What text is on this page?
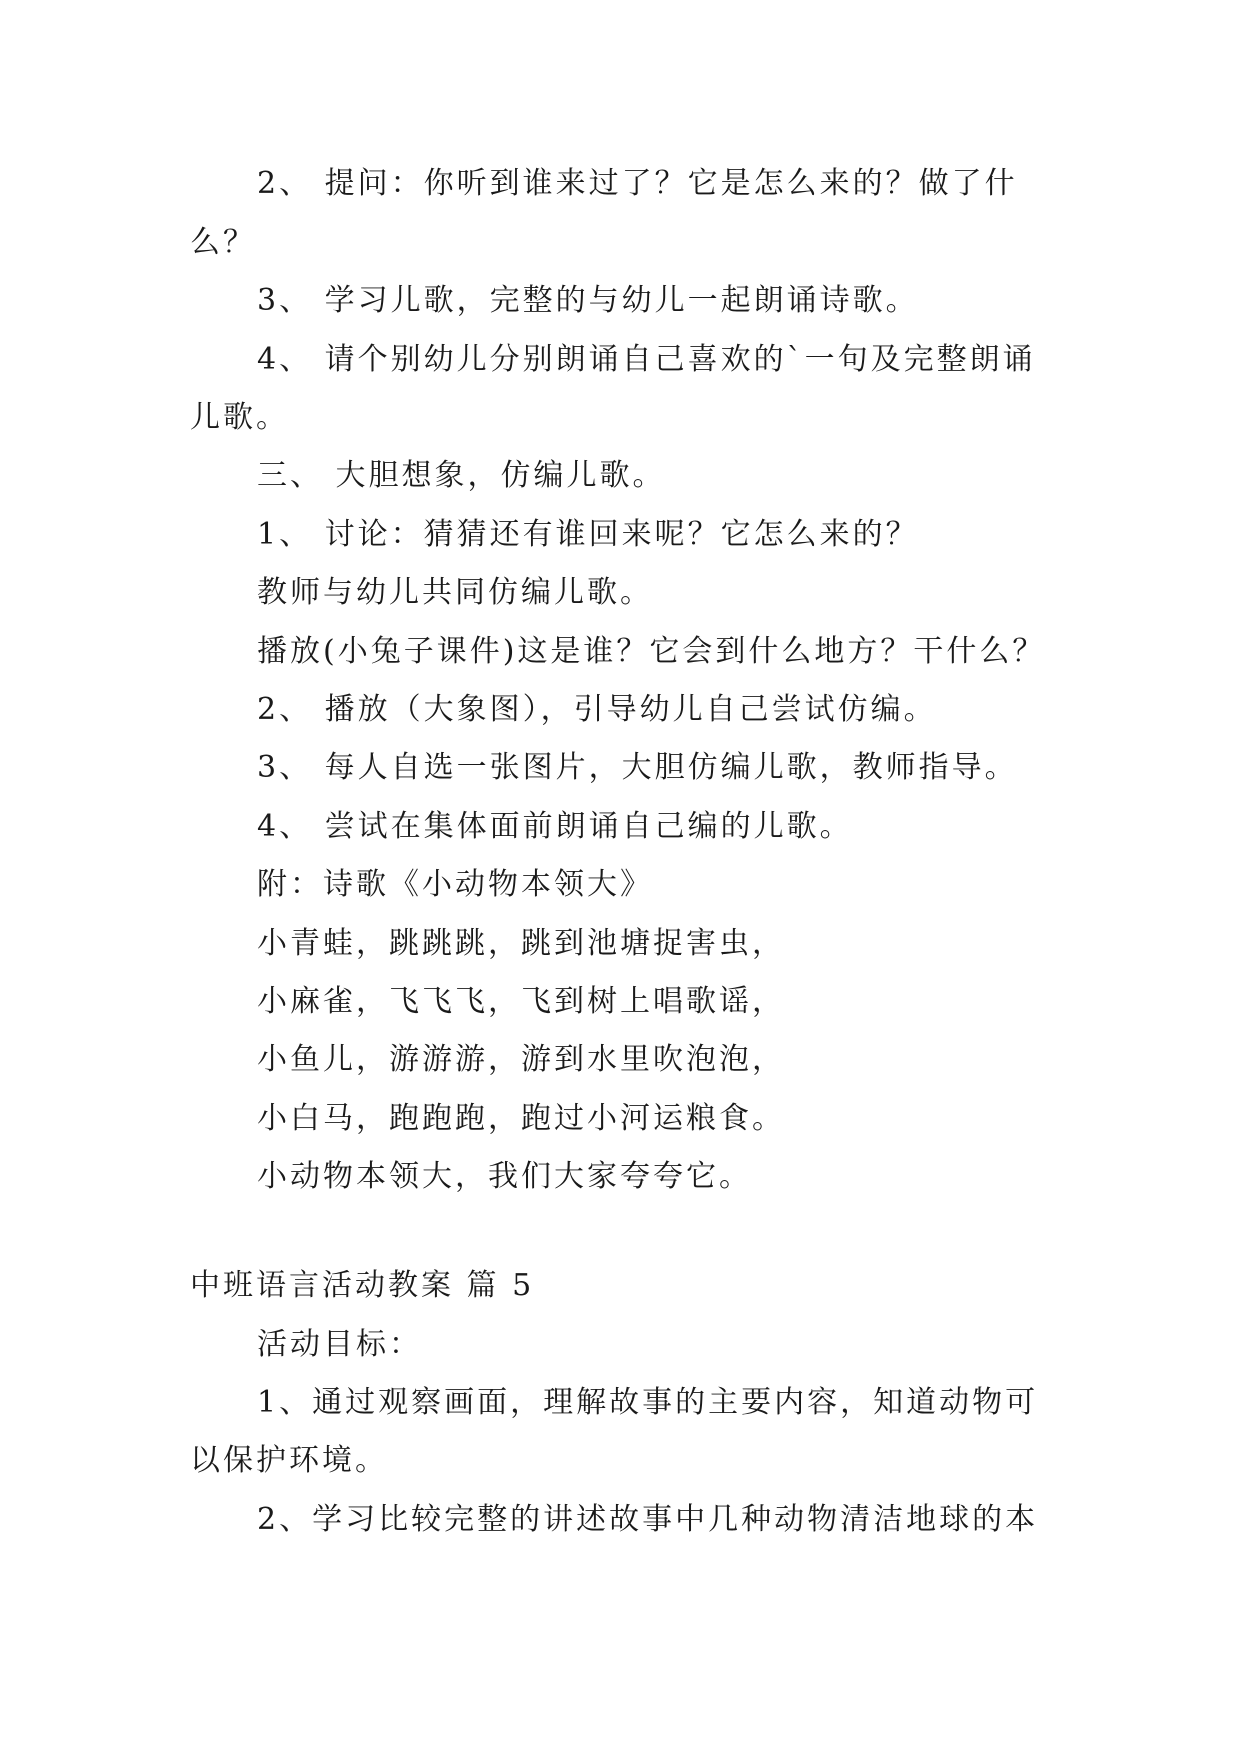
2、 提问：你听到谁来过了？它是怎么来的？做了什
么？
3、 学习儿歌，完整的与幼儿一起朗诵诗歌。
4、 请个别幼儿分别朗诵自己喜欢的`一句及完整朗诵
儿歌。
三、 大胆想象，仿编儿歌。
1、 讨论：猜猜还有谁回来呢？它怎么来的？
教师与幼儿共同仿编儿歌。
播放(小兔子课件)这是谁？它会到什么地方？干什么？
2、 播放（大象图），引导幼儿自己尝试仿编。
3、 每人自选一张图片，大胆仿编儿歌，教师指导。
4、 尝试在集体面前朗诵自己编的儿歌。
附：诗歌《小动物本领大》
小青蛙，跳跳跳，跳到池塘捉害虫，
小麻雀，飞飞飞，飞到树上唱歌谣，
小鱼儿，游游游，游到水里吹泡泡，
小白马，跑跑跑，跑过小河运粮食。
小动物本领大，我们大家夸夸它。
中班语言活动教案 篇 5
活动目标：
1、通过观察画面，理解故事的主要内容，知道动物可
以保护环境。
2、学习比较完整的讲述故事中几种动物清洁地球的本
